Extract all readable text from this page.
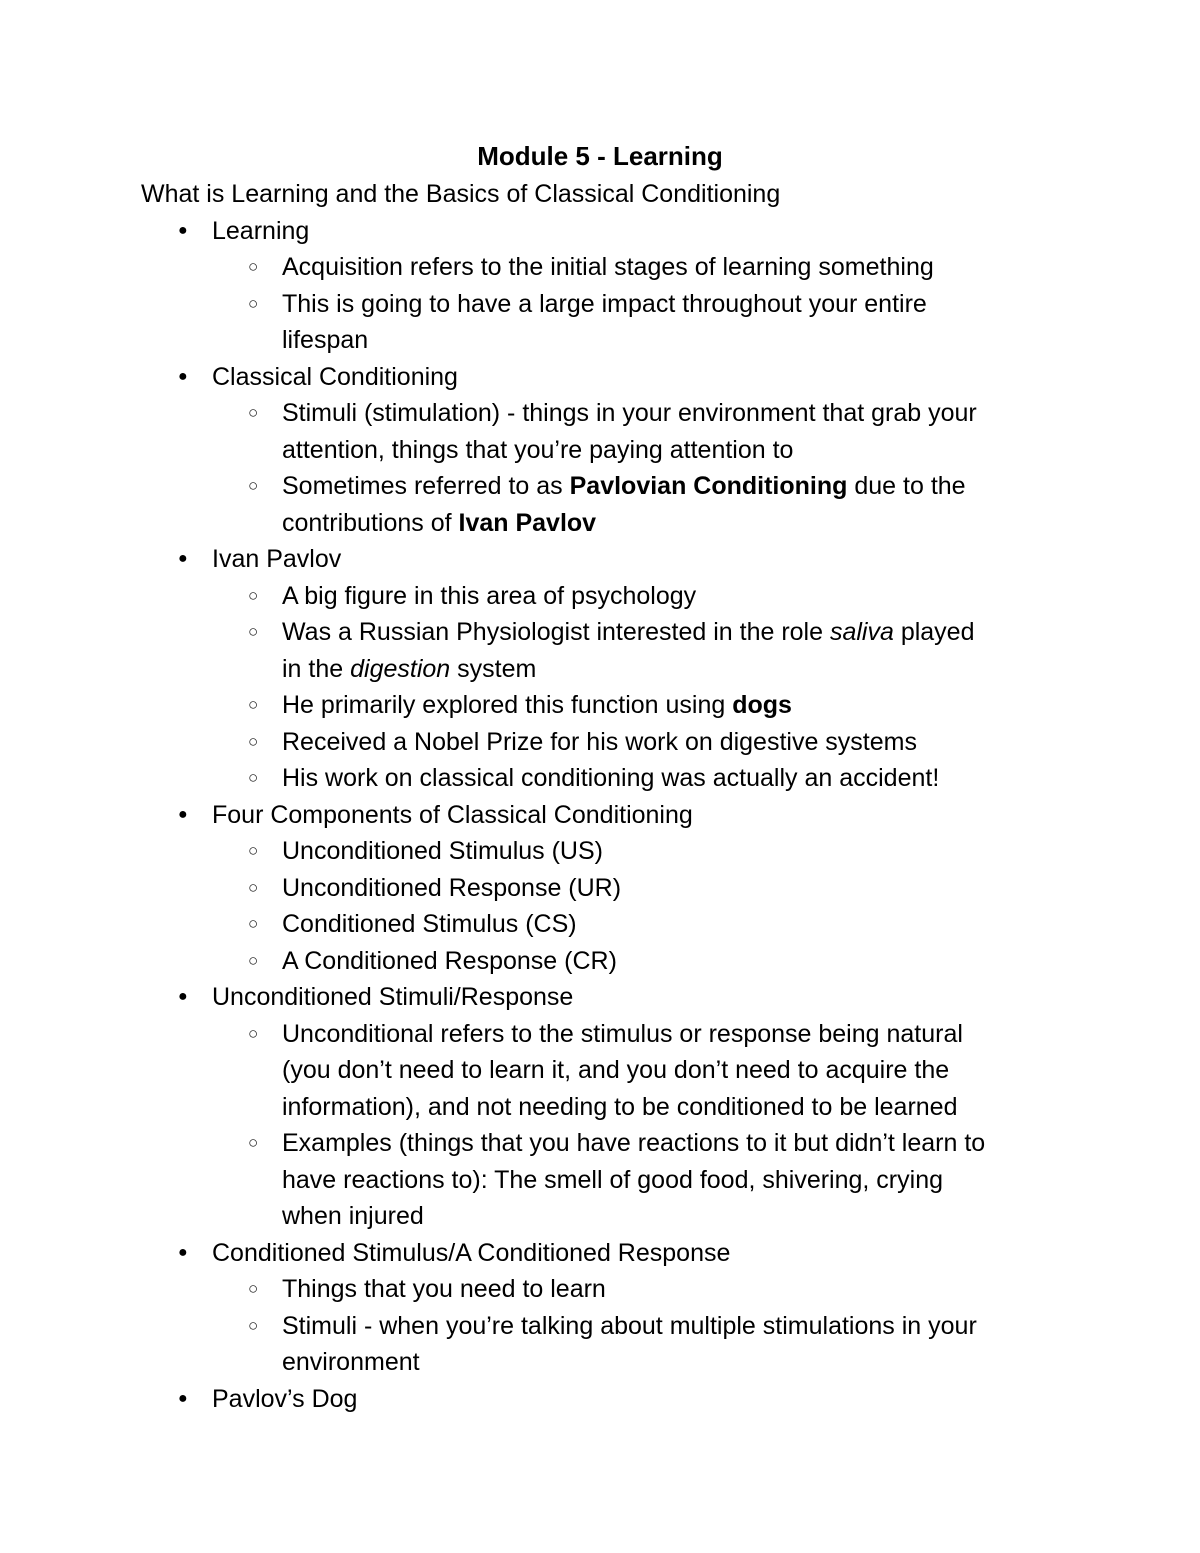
Module 5 - Learning
What is Learning and the Basics of Classical Conditioning
● Learning
○ Acquisition refers to the initial stages of learning something
○ This is going to have a large impact throughout your entire
lifespan
● Classical Conditioning
○ Stimuli (stimulation) - things in your environment that grab your
attention, things that you’re paying attention to
○ Sometimes referred to as Pavlovian Conditioning due to the
contributions of Ivan Pavlov
● Ivan Pavlov
○ A big figure in this area of psychology
○ Was a Russian Physiologist interested in the role saliva played
in the digestion system
○ He primarily explored this function using dogs
○ Received a Nobel Prize for his work on digestive systems
○ His work on classical conditioning was actually an accident!
● Four Components of Classical Conditioning
○ Unconditioned Stimulus (US)
○ Unconditioned Response (UR)
○ Conditioned Stimulus (CS)
○ A Conditioned Response (CR)
● Unconditioned Stimuli/Response
○ Unconditional refers to the stimulus or response being natural
(you don’t need to learn it, and you don’t need to acquire the
information), and not needing to be conditioned to be learned
○ Examples (things that you have reactions to it but didn’t learn to
have reactions to): The smell of good food, shivering, crying
when injured
● Conditioned Stimulus/A Conditioned Response
○ Things that you need to learn
○ Stimuli - when you’re talking about multiple stimulations in your
environment
● Pavlov’s Dog
